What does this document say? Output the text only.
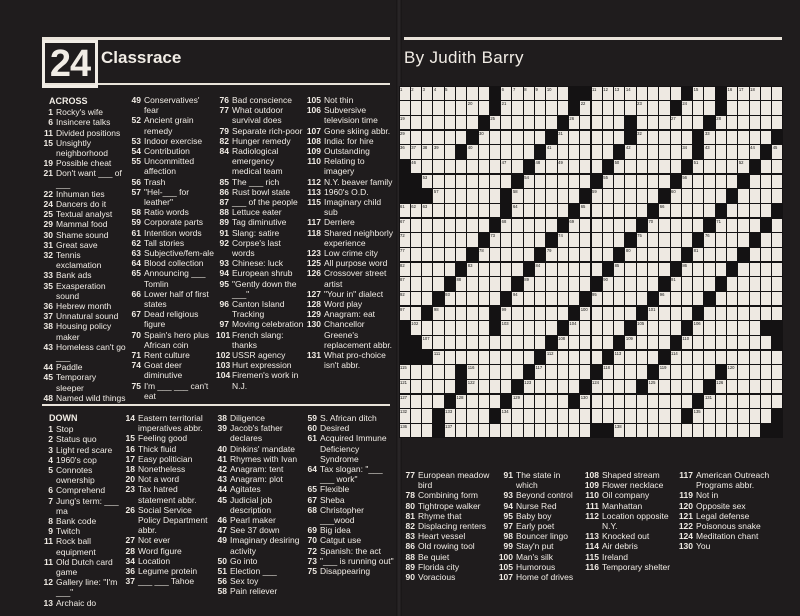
24 Classrace	By Judith Barry
ACROSS
1 Rocky's wife
6 Insincere talks
11 Divided positions
15 Unsightly neighborhood
19 Possible cheat
21 Don't want ___ of ___
22 Inhuman ties
24 Dancers do it
25 Textual analyst
29 Mammal food
30 Shame sound
31 Great save
32 Tennis exclamation
33 Bank ads
35 Exasperation sound
36 Hebrew month
37 Unnatural sound
38 Housing policy maker
43 Homeless can't go ___
44 Paddle
45 Temporary sleeper
48 Named wild things
49 Conservatives' fear
52 Ancient grain remedy
53 Indoor exercise
54 Contribution
55 Uncommitted affection
56 Trash
57 "Hel-___ for leather"
58 Ratio words
59 Corporate parts
61 Intention words
62 Tall stories
63 Subjective/fem-ale
64 Blood collection
65 Announcing ___ Tomlin
66 Lower half of first states
67 Dead religious figure
70 Spain's hero plus African coin
71 Rent culture
74 Goat deer diminutive
75 I'm ___ ___ can't eat
76 Bad conscience
77 What outdoor survival does
79 Separate rich-poor
82 Hunger remedy
84 Radiological emergency medical team
85 The ___ rich
86 Rust bowl state
87 ___ of the people
88 Lettuce eater
89 Tag diminutive
91 Slang: satire
92 Corpse's last words
93 Chinese: luck
94 European shrub
95 "Gently down the ___"
96 Canton Island Tracking
97 Moving celebration
101 French slang: thanks
102 USSR agency
103 Hurt expression
104 Firemen's work in N.J.
105 Not thin
106 Subversive television time
107 Gone skiing abbr.
108 India: for hire
109 Outstanding
110 Relating to imagery
112 N.Y. beaver family
113 1960's O.D.
115 Imaginary child sub
117 Derriere
118 Shared neighborly experience
123 Low crime city
125 All purpose word
126 Crossover street artist
127 "Your in" dialect
128 Word play
129 Anagram: eat
130 Chancellor Greene's replacement abbr.
131 What pro-choice isn't abbr.
DOWN
1 Stop
2 Status quo
3 Light red scare
4 1960's cop
5 Connotes ownership
6 Comprehend
7 Jung's term: ___ ma
8 Bank code
9 Twitch
11 Rock ball equipment
11 Old Dutch card game
12 Gallery line: "I'm ___"
13 Archaic do
14 Eastern territorial imperatives abbr.
15 Feeling good
16 Thick fluid
17 Easy politician
18 Nonetheless
20 Not a word
23 Tax hatred statement abbr.
26 Social Service Policy Department abbr.
27 Not ever
28 Word figure
34 Location
36 Legume protein
37 ___ ___ Tahoe
38 Diligence
39 Jacob's father declares
40 Dinkins' mandate
41 Rhymes with Ivan
42 Anagram: tent
43 Anagram: plot
44 Agitates
45 Judicial job description
46 Pearl maker
47 See 37 down
49 Imaginary desiring activity
50 Go into
51 Election ___
56 Sex toy
58 Pain reliever
59 S. African ditch
60 Desired
61 Acquired Immune Deficiency Syndrome
64 Tax slogan: "___ ___ work"
65 Flexible
67 Sheba
68 Christopher ___wood
69 Big idea
70 Catgut use
72 Spanish: the act
73 "___ is running out"
75 Disappearing
77 European meadow bird
78 Combining form
80 Tightrope walker
81 Rhyme that
82 Displacing renters
83 Heart vessel
86 Old rowing tool
88 Be quiet
89 Florida city
90 Voracious
91 The state in which
93 Beyond control
94 Nurse Red
95 Baby boy
97 Early poet
98 Bouncer lingo
99 Stay'n put
100 Man's silk
105 Humorous
107 Home of drives
108 Shaped stream
109 Flower necklace
110 Oil company
111 Manhattan
112 Location opposite N.Y.
113 Knocked out
114 Air debris
115 Ireland
116 Temporary shelter
117 American Outreach Programs abbr.
119 Not in
120 Opposite sex
121 Legal defense
122 Poisonous snake
124 Meditation chant
130 You
1 2 3 4 5	6 7 8 9 10	11 12 13 14	15	16 17 18
20	21	22	23	24
19	25	26	27	28
29	30	31	32	33
36 37 38 39	40	41	42	34	43	44	45
46	47	48	49	50	51	52
53	54	55	56
57	58	59	60
61 62 63	64	65	66
67	68	69	70	71
72	73	74	75	76
77	78	79	80	81
82	83	84	85	86
87	88	89	90	91
92	93	94	95	96
97	98	99	100	101
102	103	104	105	106
107	108	109	110
111	112	113	114
115	116	117	118	119	120
121	122	123	124	125	126
127	128	129	130	131
132	133	134	135
136	137	138
